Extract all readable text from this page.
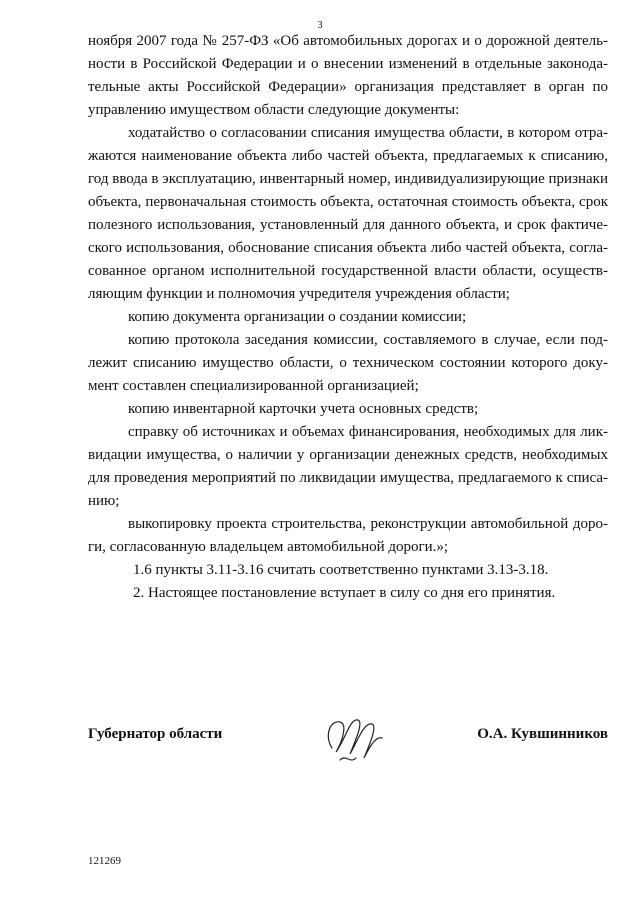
3
ноября 2007 года № 257-ФЗ «Об автомобильных дорогах и о дорожной деятель-
ности в Российской Федерации и о внесении изменений в отдельные законода-
тельные акты Российской Федерации» организация представляет в орган по
управлению имуществом области следующие документы:
ходатайство о согласовании списания имущества области, в котором отра-
жаются наименование объекта либо частей объекта, предлагаемых к списанию,
год ввода в эксплуатацию, инвентарный номер, индивидуализирующие признаки
объекта, первоначальная стоимость объекта, остаточная стоимость объекта, срок
полезного использования, установленный для данного объекта, и срок фактиче-
ского использования, обоснование списания объекта либо частей объекта, согла-
сованное органом исполнительной государственной власти области, осуществ-
ляющим функции и полномочия учредителя учреждения области;
копию документа организации о создании комиссии;
копию протокола заседания комиссии, составляемого в случае, если под-
лежит списанию имущество области, о техническом состоянии которого доку-
мент составлен специализированной организацией;
копию инвентарной карточки учета основных средств;
справку об источниках и объемах финансирования, необходимых для лик-
видации имущества, о наличии у организации денежных средств, необходимых
для проведения мероприятий по ликвидации имущества, предлагаемого к списа-
нию;
выкопировку проекта строительства, реконструкции автомобильной доро-
ги, согласованную владельцем автомобильной дороги.»;
1.6 пункты 3.11-3.16 считать соответственно пунктами 3.13-3.18.
2. Настоящее постановление вступает в силу со дня его принятия.
Губернатор области	О.А. Кувшинников
121269
